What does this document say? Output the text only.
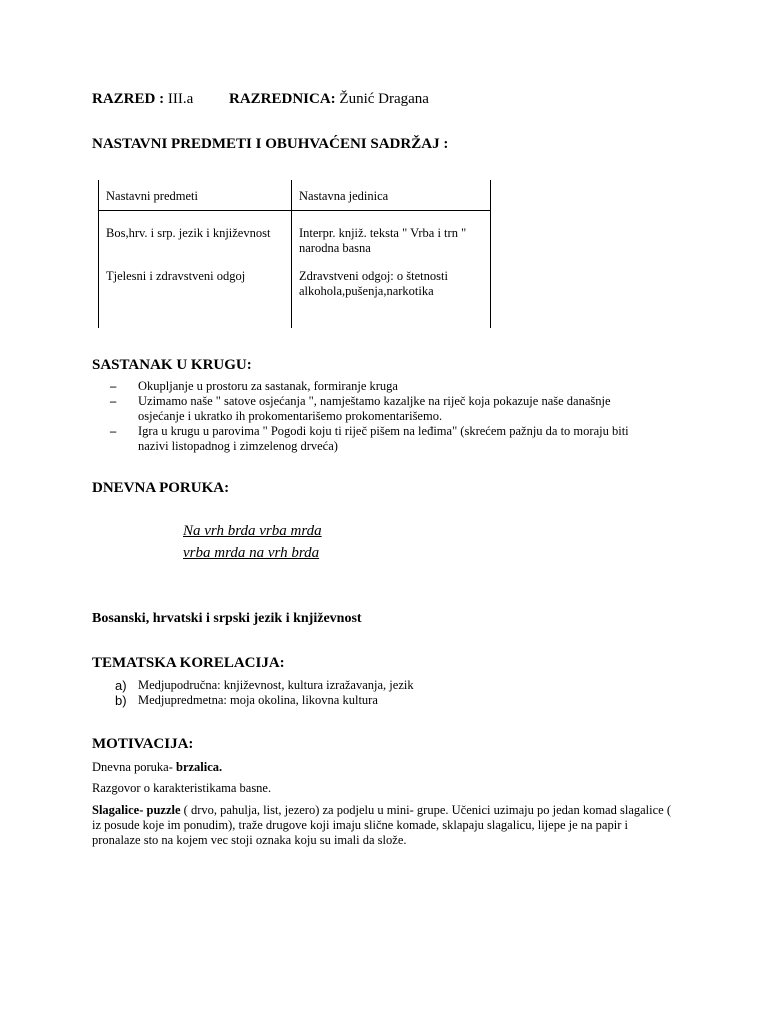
RAZRED : III.a RAZREDNICA: Žunić Dragana
NASTAVNI PREDMETI I OBUHVAĆENI SADRŽAJ :
Nastavni predmeti	Nastavna jedinica
Bos,hrv. i srp. jezik i književnost	Interpr. knjiž. teksta " Vrba i trn " narodna basna
Tjelesni i zdravstveni odgoj	Zdravstveni odgoj: o štetnosti alkohola,pušenja,narkotika
SASTANAK U KRUGU:
– Okupljanje u prostoru za sastanak, formiranje kruga
– Uzimamo naše " satove osjećanja ", namještamo kazaljke na riječ koja pokazuje naše današnje osjećanje i ukratko ih prokomentarišemo prokomentarišemo.
– Igra u krugu u parovima " Pogodi koju ti riječ pišem na leđima" (skrećem pažnju da to moraju biti nazivi listopadnog i zimzelenog drveća)
DNEVNA PORUKA:
Na vrh brda vrba mrda
vrba mrda na vrh brda
Bosanski, hrvatski i srpski jezik i književnost
TEMATSKA KORELACIJA:
a) Medjupodručna: književnost, kultura izražavanja, jezik
b) Medjupredmetna: moja okolina, likovna kultura
MOTIVACIJA:
Dnevna poruka- brzalica.
Razgovor o karakteristikama basne.
Slagalice- puzzle ( drvo, pahulja, list, jezero) za podjelu u mini- grupe. Učenici uzimaju po jedan komad slagalice ( iz posude koje im ponudim), traže drugove koji imaju slične komade, sklapaju slagalicu, lijepe je na papir i pronalaze sto na kojem vec stoji oznaka koju su imali da slože.
